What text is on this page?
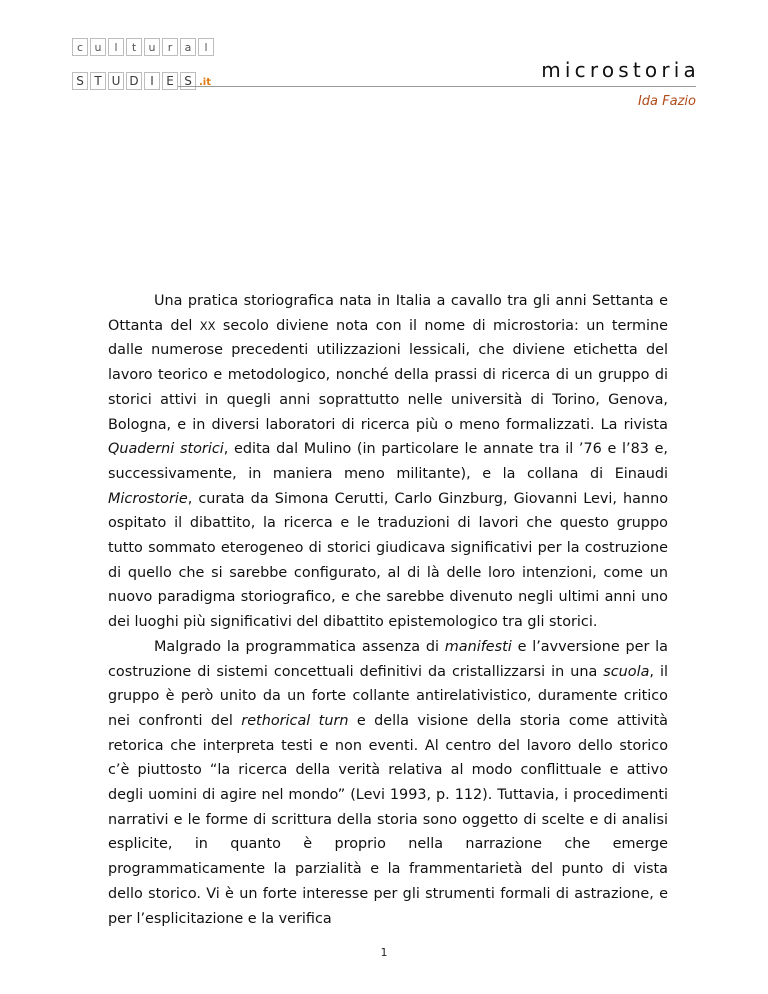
c	u	l	t	u	r	a	l
S T U D I	E S .it
microstoria
Ida Fazio

Una pratica storiografica nata in Italia a cavallo tra gli anni Settanta e Ottanta del XX secolo diviene nota con il nome di microstoria: un termine dalle numerose precedenti utilizzazioni lessicali, che diviene etichetta del lavoro teorico e metodologico, nonché della prassi di ricerca di un gruppo di storici attivi in quegli anni soprattutto nelle università di Torino, Genova, Bologna, e in diversi laboratori di ricerca più o meno formalizzati. La rivista Quaderni storici, edita dal Mulino (in particolare le annate tra il ’76 e l’83 e, successivamente, in maniera meno militante), e la collana di Einaudi Microstorie, curata da Simona Cerutti, Carlo Ginzburg, Giovanni Levi, hanno ospitato il dibattito, la ricerca e le traduzioni di lavori che questo gruppo tutto sommato eterogeneo di storici giudicava significativi per la costruzione di quello che si sarebbe configurato, al di là delle loro intenzioni, come un nuovo paradigma storiografico, e che sarebbe divenuto negli ultimi anni uno dei luoghi più significativi del dibattito epistemologico tra gli storici.

Malgrado la programmatica assenza di manifesti e l’avversione per la costruzione di sistemi concettuali definitivi da cristallizzarsi in una scuola, il gruppo è però unito da un forte collante antirelativistico, duramente critico nei confronti del rethorical turn e della visione della storia come attività retorica che interpreta testi e non eventi. Al centro del lavoro dello storico c’è piuttosto “la ricerca della verità relativa al modo conflittuale e attivo degli uomini di agire nel mondo” (Levi 1993, p. 112). Tuttavia, i procedimenti narrativi e le forme di scrittura della storia sono oggetto di scelte e di analisi esplicite, in quanto è proprio nella narrazione che emerge programmaticamente la parzialità e la frammentarietà del punto di vista dello storico. Vi è un forte interesse per gli strumenti formali di astrazione, e per l’esplicitazione e la verifica

1
